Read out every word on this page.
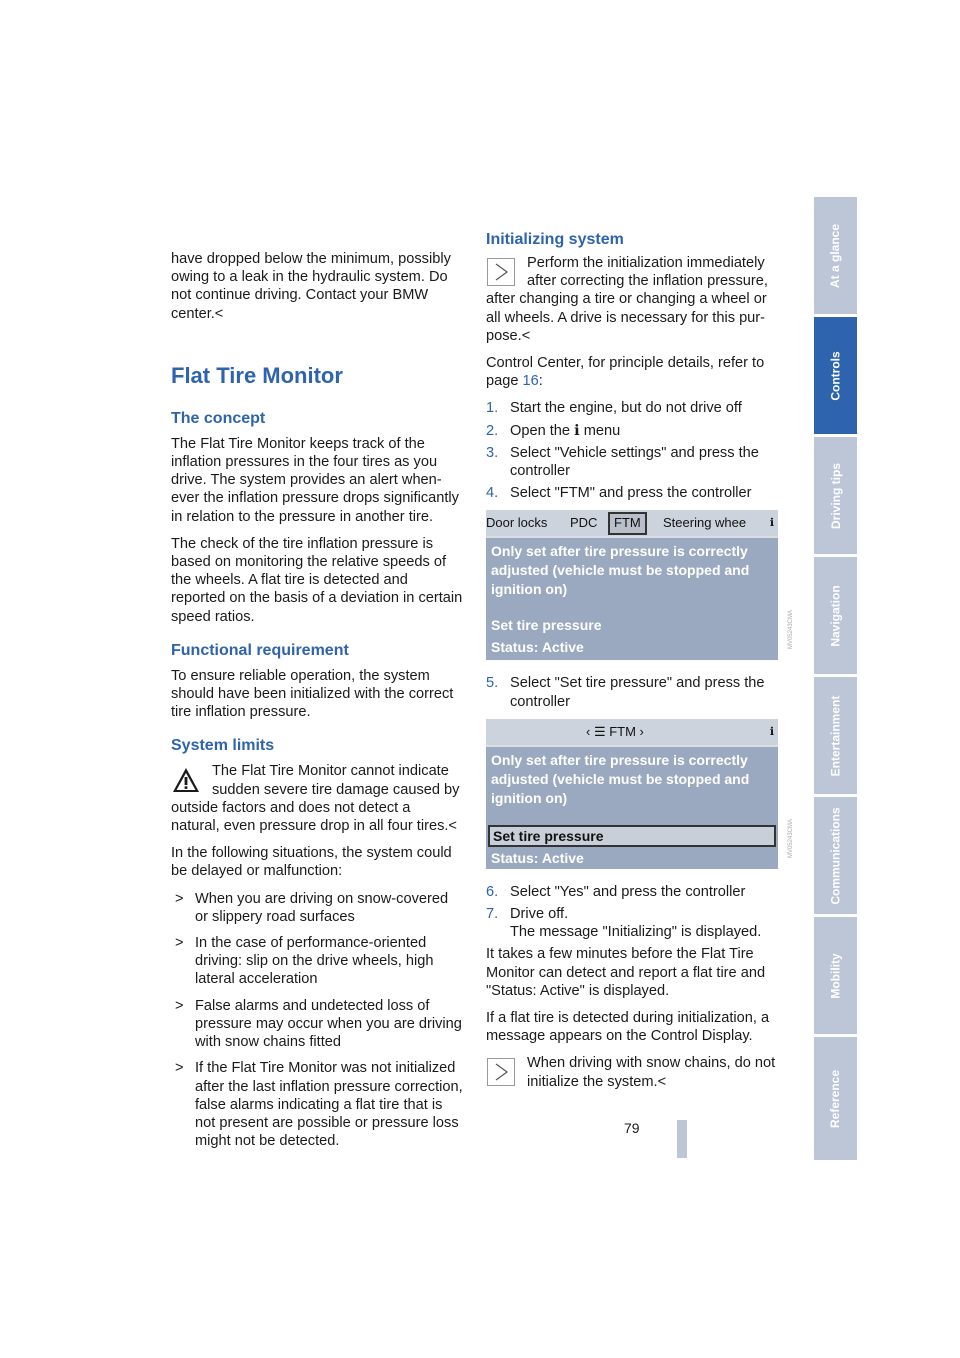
have dropped below the minimum, possibly owing to a leak in the hydraulic system. Do not continue driving. Contact your BMW center.<

Flat Tire Monitor
The concept

The Flat Tire Monitor keeps track of the inflation pressures in the four tires as you drive. The system provides an alert whenever the inflation pressure drops significantly in relation to the pressure in another tire.

The check of the tire inflation pressure is based on monitoring the relative speeds of the wheels. A flat tire is detected and reported on the basis of a deviation in certain speed ratios.

Functional requirement

To ensure reliable operation, the system should have been initialized with the correct tire inflation pressure.

System limits
The Flat Tire Monitor cannot indicate sudden severe tire damage caused by outside factors and does not detect a natural, even pressure drop in all four tires.<

In the following situations, the system could be delayed or malfunction:

> When you are driving on snow-covered or slippery road surfaces
> In the case of performance-oriented driving: slip on the drive wheels, high lateral acceleration
> False alarms and undetected loss of pressure may occur when you are driving with snow chains fitted
> If the Flat Tire Monitor was not initialized after the last inflation pressure correction, false alarms indicating a flat tire that is not present are possible or pressure loss might not be detected.
Initializing system
Perform the initialization immediately after correcting the inflation pressure, after changing a tire or changing a wheel or all wheels. A drive is necessary for this purpose.<

Control Center, for principle details, refer to page 16:

1. Start the engine, but do not drive off
2. Open the ℹ menu
3. Select "Vehicle settings" and press the controller
4. Select "FTM" and press the controller
Door locks PDC	FTM	Steering whee ℹ
Only set after tire pressure is correctly adjusted (vehicle must be stopped and ignition on)
Set tire pressure
Status: Active	MV05243CMA
5. Select "Set tire pressure" and press the controller
‹ ☰ FTM ›	ℹ
Only set after tire pressure is correctly adjusted (vehicle must be stopped and ignition on)
Set tire pressure
Status: Active	MV05243CMA
6. Select "Yes" and press the controller
7. Drive off.
The message "Initializing" is displayed.

It takes a few minutes before the Flat Tire Monitor can detect and report a flat tire and "Status: Active" is displayed.

If a flat tire is detected during initialization, a message appears on the Control Display.

When driving with snow chains, do not initialize the system.<
79
At a glance
Controls
Driving tips
Navigation
Entertainment
Communications
Mobility
Reference
